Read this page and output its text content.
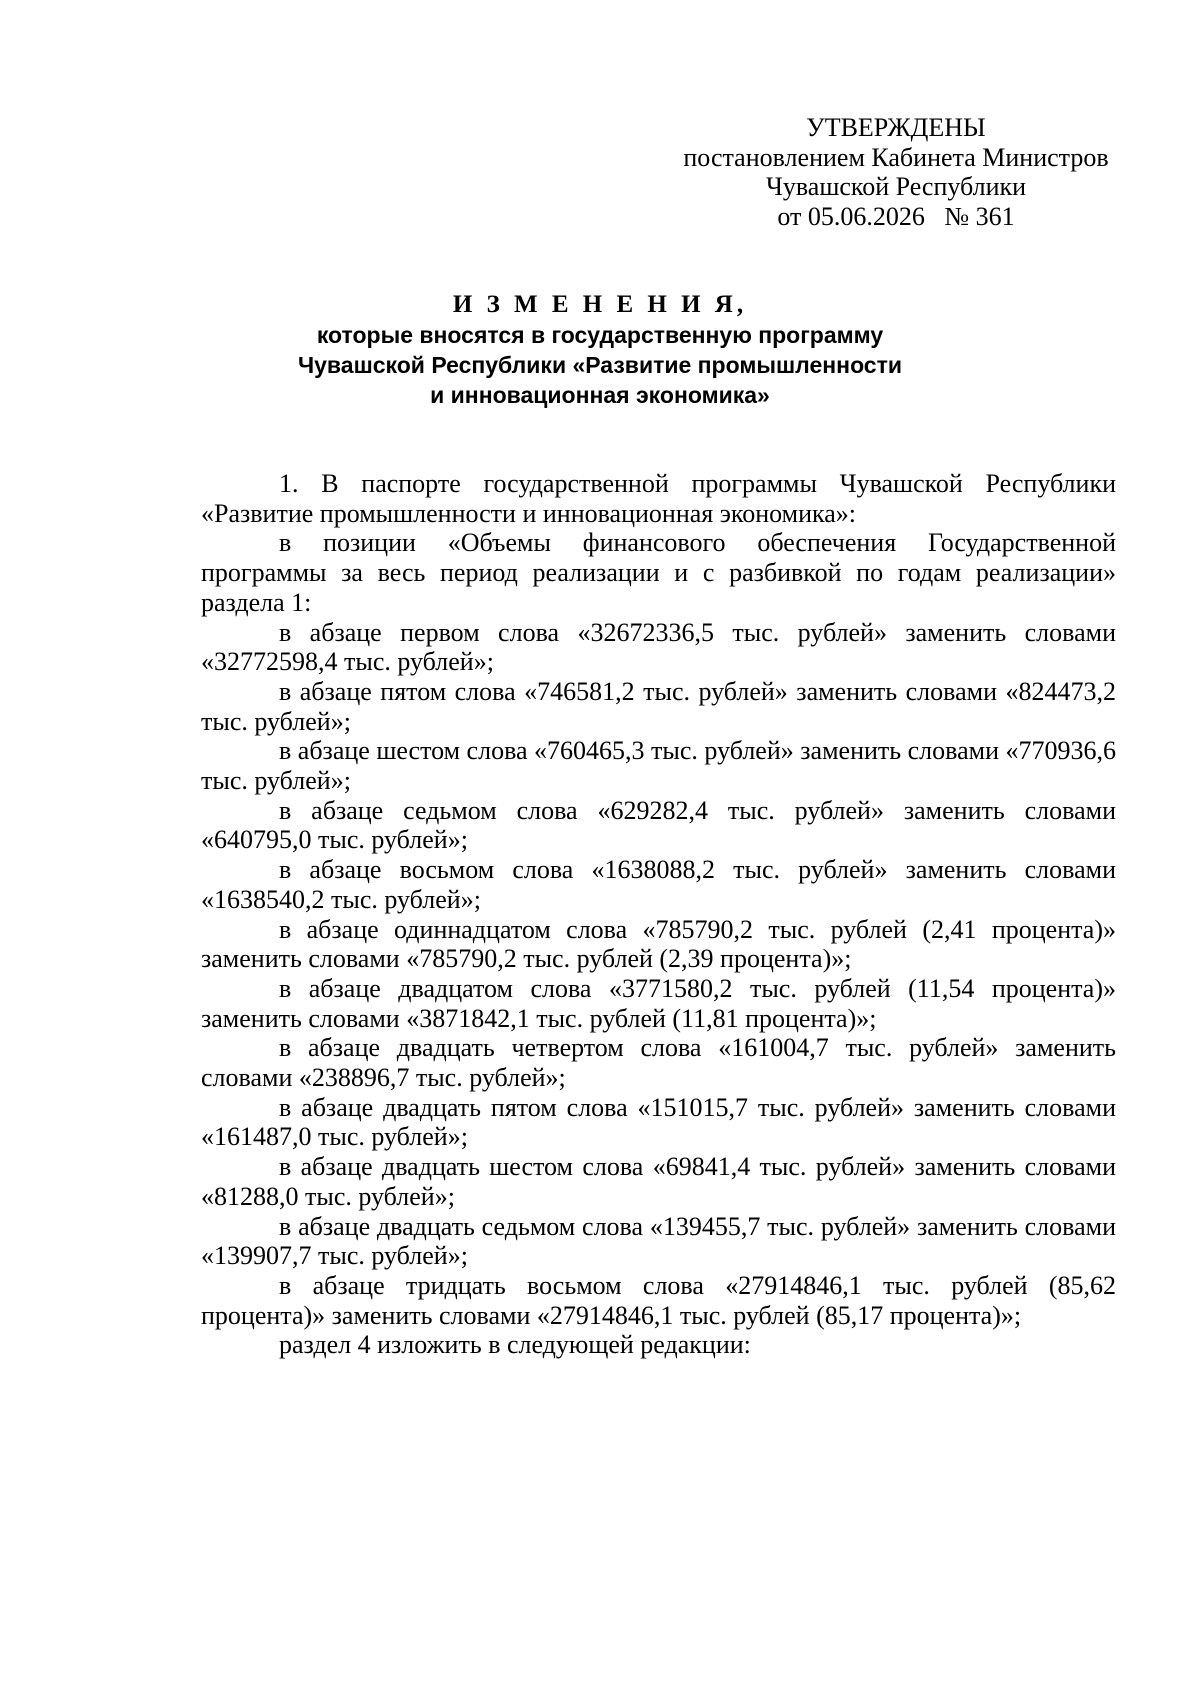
УТВЕРЖДЕНЫ
постановлением Кабинета Министров
Чувашской Республики
от 05.06.2026   № 361
И З М Е Н Е Н И Я,
которые вносятся в государственную программу
Чувашской Республики «Развитие промышленности
и инновационная экономика»

1. В паспорте государственной программы Чувашской Республики «Развитие промышленности и инновационная экономика»:

в позиции «Объемы финансового обеспечения Государственной программы за весь период реализации и с разбивкой по годам реализации» раздела 1:

в абзаце первом слова «32672336,5 тыс. рублей» заменить словами «32772598,4 тыс. рублей»;

в абзаце пятом слова «746581,2 тыс. рублей» заменить словами «824473,2 тыс. рублей»;

в абзаце шестом слова «760465,3 тыс. рублей» заменить словами «770936,6 тыс. рублей»;

в абзаце седьмом слова «629282,4 тыс. рублей» заменить словами «640795,0 тыс. рублей»;

в абзаце восьмом слова «1638088,2 тыс. рублей» заменить словами «1638540,2 тыс. рублей»;

в абзаце одиннадцатом слова «785790,2 тыс. рублей (2,41 процента)» заменить словами «785790,2 тыс. рублей (2,39 процента)»;

в абзаце двадцатом слова «3771580,2 тыс. рублей (11,54 процента)» заменить словами «3871842,1 тыс. рублей (11,81 процента)»;

в абзаце двадцать четвертом слова «161004,7 тыс. рублей» заменить словами «238896,7 тыс. рублей»;

в абзаце двадцать пятом слова «151015,7 тыс. рублей» заменить словами «161487,0 тыс. рублей»;

в абзаце двадцать шестом слова «69841,4 тыс. рублей» заменить словами «81288,0 тыс. рублей»;

в абзаце двадцать седьмом слова «139455,7 тыс. рублей» заменить словами «139907,7 тыс. рублей»;

в абзаце тридцать восьмом слова «27914846,1 тыс. рублей (85,62 процента)» заменить словами «27914846,1 тыс. рублей (85,17 процента)»;

раздел 4 изложить в следующей редакции:
